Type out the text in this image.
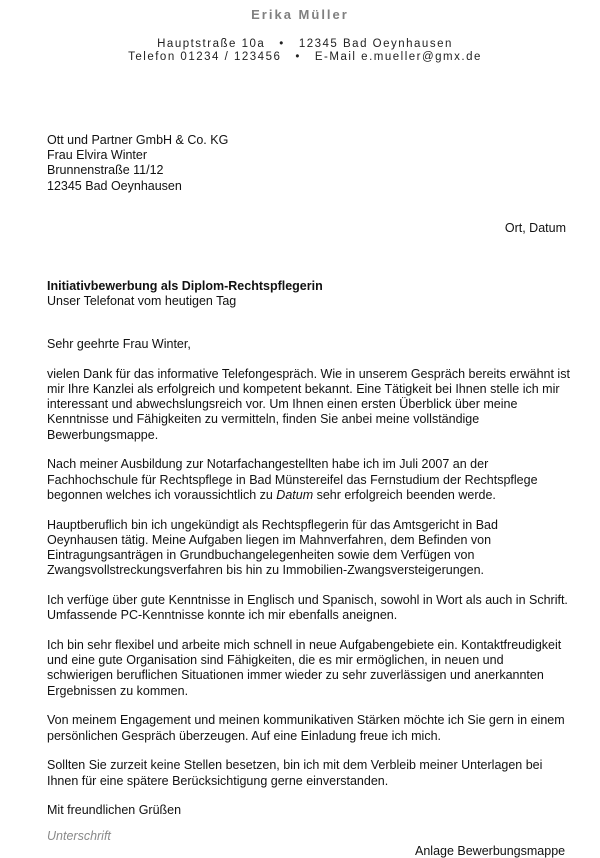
Erika Müller
Hauptstraße 10a • 12345 Bad Oeynhausen
Telefon 01234 / 123456 • E-Mail e.mueller@gmx.de
Ott und Partner GmbH & Co. KG
Frau Elvira Winter
Brunnenstraße 11/12
12345 Bad Oeynhausen
Ort, Datum
Initiativbewerbung als Diplom-Rechtspflegerin
Unser Telefonat vom heutigen Tag

Sehr geehrte Frau Winter,

vielen Dank für das informative Telefongespräch. Wie in unserem Gespräch bereits erwähnt ist mir Ihre Kanzlei als erfolgreich und kompetent bekannt. Eine Tätigkeit bei Ihnen stelle ich mir interessant und abwechslungsreich vor. Um Ihnen einen ersten Überblick über meine Kenntnisse und Fähigkeiten zu vermitteln, finden Sie anbei meine vollständige Bewerbungsmappe.

Nach meiner Ausbildung zur Notarfachangestellten habe ich im Juli 2007 an der Fachhochschule für Rechtspflege in Bad Münstereifel das Fernstudium der Rechtspflege begonnen welches ich voraussichtlich zu Datum sehr erfolgreich beenden werde.

Hauptberuflich bin ich ungekündigt als Rechtspflegerin für das Amtsgericht in Bad Oeynhausen tätig. Meine Aufgaben liegen im Mahnverfahren, dem Befinden von Eintragungsanträgen in Grundbuchangelegenheiten sowie dem Verfügen von Zwangsvollstreckungsverfahren bis hin zu Immobilien-Zwangsversteigerungen.

Ich verfüge über gute Kenntnisse in Englisch und Spanisch, sowohl in Wort als auch in Schrift. Umfassende PC-Kenntnisse konnte ich mir ebenfalls aneignen.

Ich bin sehr flexibel und arbeite mich schnell in neue Aufgabengebiete ein. Kontaktfreudigkeit und eine gute Organisation sind Fähigkeiten, die es mir ermöglichen, in neuen und schwierigen beruflichen Situationen immer wieder zu sehr zuverlässigen und anerkannten Ergebnissen zu kommen.

Von meinem Engagement und meinen kommunikativen Stärken möchte ich Sie gern in einem persönlichen Gespräch überzeugen. Auf eine Einladung freue ich mich.

Sollten Sie zurzeit keine Stellen besetzen, bin ich mit dem Verbleib meiner Unterlagen bei Ihnen für eine spätere Berücksichtigung gerne einverstanden.

Mit freundlichen Grüßen

Unterschrift
Anlage Bewerbungsmappe
